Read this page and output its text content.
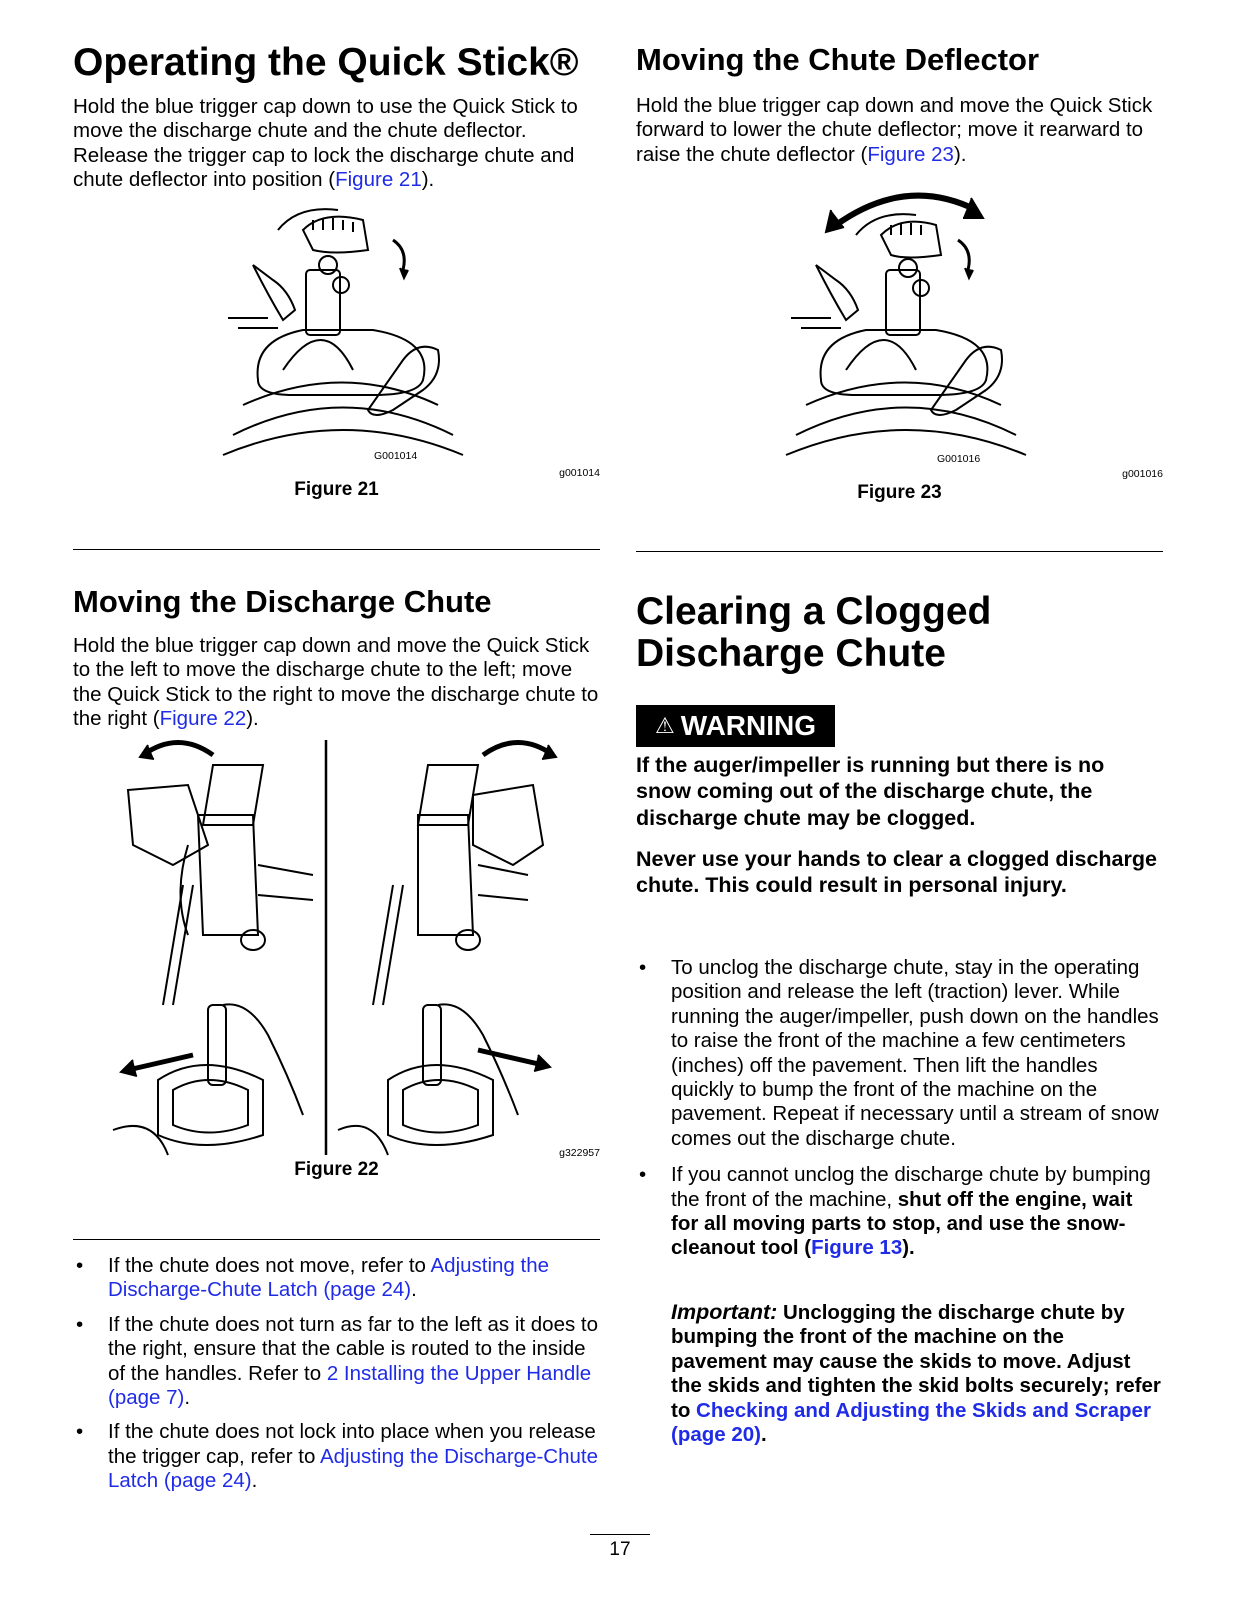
Operating the Quick Stick®

Hold the blue trigger cap down to use the Quick Stick to move the discharge chute and the chute deflector. Release the trigger cap to lock the discharge chute and chute deflector into position (Figure 21).

G001014
g001014
Figure 21
Moving the Discharge Chute

Hold the blue trigger cap down and move the Quick Stick to the left to move the discharge chute to the left; move the Quick Stick to the right to move the discharge chute to the right (Figure 22).

g322957
Figure 22
• If the chute does not move, refer to Adjusting the Discharge-Chute Latch (page 24).
• If the chute does not turn as far to the left as it does to the right, ensure that the cable is routed to the inside of the handles. Refer to 2 Installing the Upper Handle (page 7).
• If the chute does not lock into place when you release the trigger cap, refer to Adjusting the Discharge-Chute Latch (page 24).
Moving the Chute Deflector

Hold the blue trigger cap down and move the Quick Stick forward to lower the chute deflector; move it rearward to raise the chute deflector (Figure 23).

G001016
g001016
Figure 23
Clearing a Clogged
Discharge Chute
⚠ WARNING

If the auger/impeller is running but there is no snow coming out of the discharge chute, the discharge chute may be clogged.

Never use your hands to clear a clogged discharge chute. This could result in personal injury.

• To unclog the discharge chute, stay in the operating position and release the left (traction) lever. While running the auger/impeller, push down on the handles to raise the front of the machine a few centimeters (inches) off the pavement. Then lift the handles quickly to bump the front of the machine on the pavement. Repeat if necessary until a stream of snow comes out the discharge chute.
• If you cannot unclog the discharge chute by bumping the front of the machine, shut off the engine, wait for all moving parts to stop, and use the snow-cleanout tool (Figure 13).

Important: Unclogging the discharge chute by bumping the front of the machine on the pavement may cause the skids to move. Adjust the skids and tighten the skid bolts securely; refer to Checking and Adjusting the Skids and Scraper (page 20).

17
